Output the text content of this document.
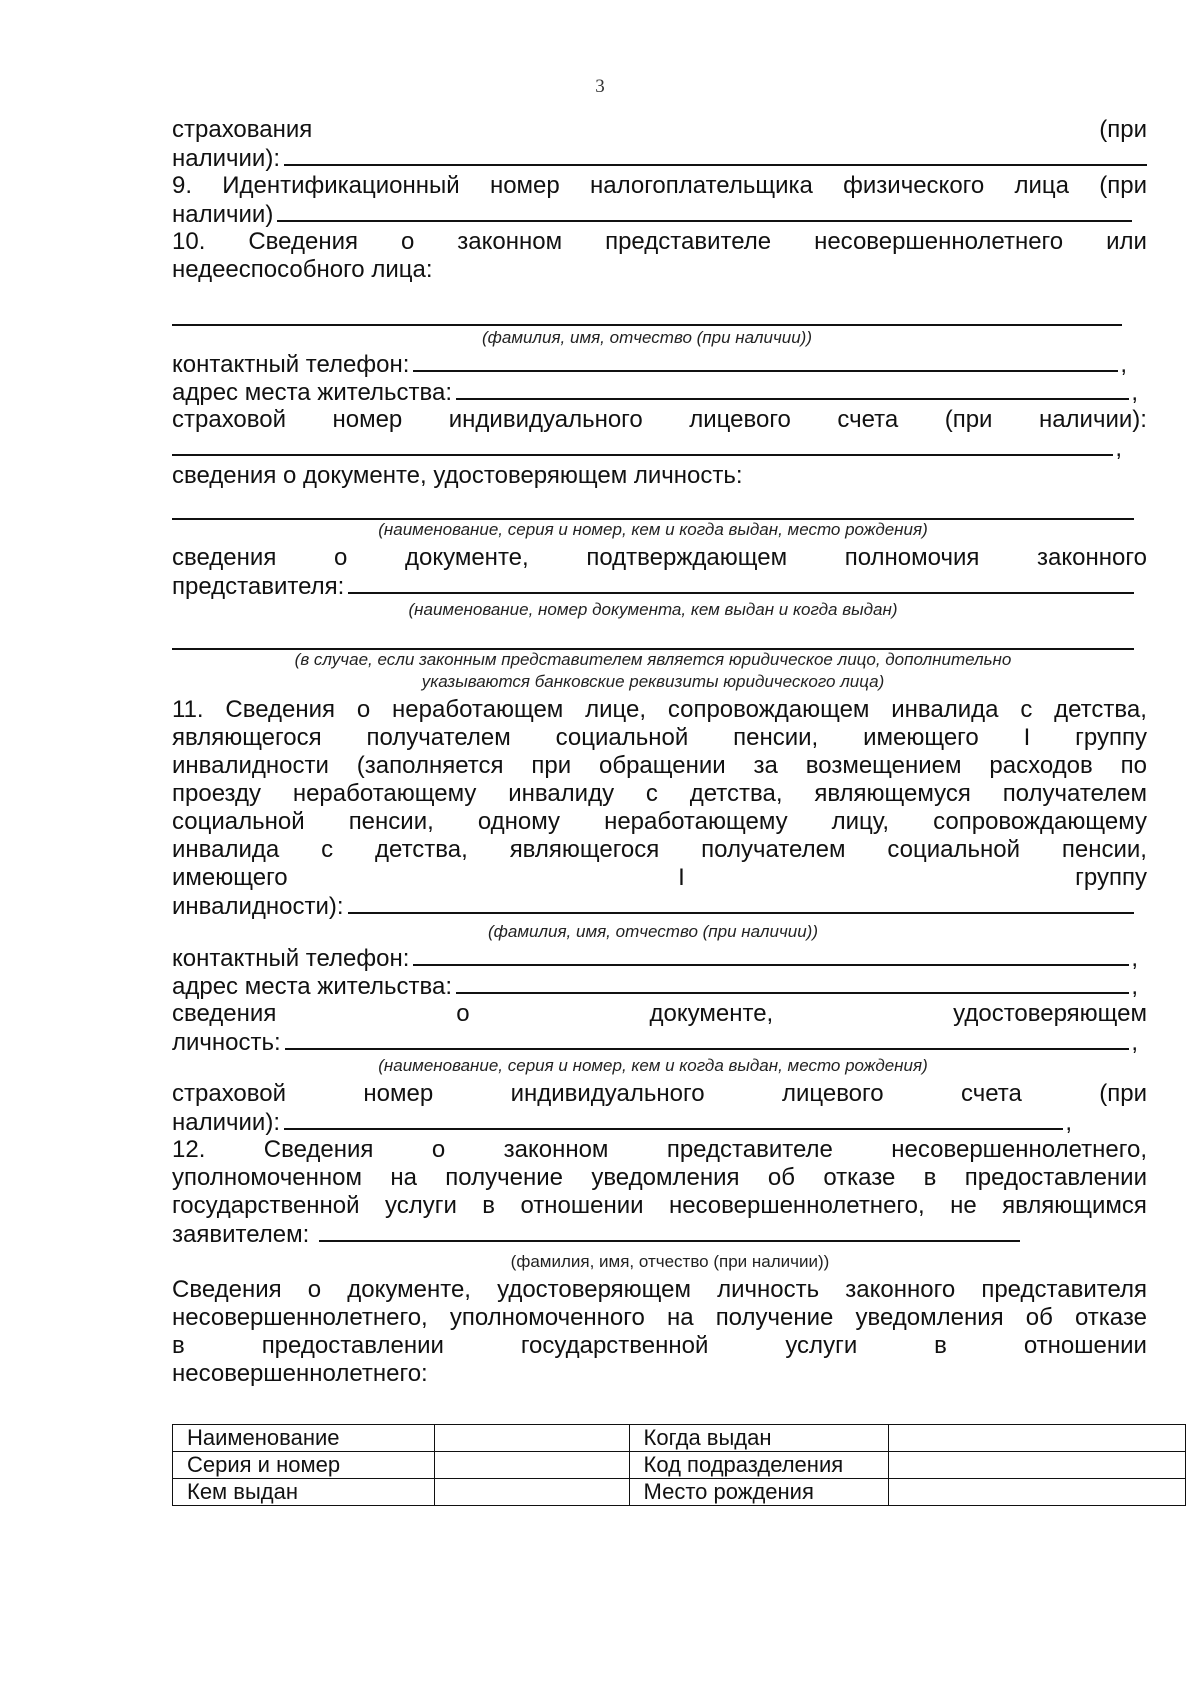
3
страхования	(при
наличии):
9. Идентификационный номер налогоплательщика физического лица (при
наличии)
10. Сведения о законном представителе несовершеннолетнего или
недееспособного лица:
(фамилия, имя, отчество (при наличии))
контактный телефон:	,
адрес места жительства:	,
страховой номер индивидуального лицевого счета (при наличии):
,
сведения о документе, удостоверяющем личность:
(наименование, серия и номер, кем и когда выдан, место рождения)
сведения о документе, подтверждающем полномочия законного
представителя:
(наименование, номер документа, кем выдан и когда выдан)
(в случае, если законным представителем является юридическое лицо, дополнительно
указываются банковские реквизиты юридического лица)
11. Сведения о неработающем лице, сопровождающем инвалида с детства,
являющегося получателем социальной пенсии, имеющего I группу
инвалидности (заполняется при обращении за возмещением расходов по
проезду неработающему инвалиду с детства, являющемуся получателем
социальной пенсии, одному неработающему лицу, сопровождающему
инвалида с детства, являющегося получателем социальной пенсии,
имеющего	I	группу
инвалидности):
(фамилия, имя, отчество (при наличии))
контактный телефон:	,
адрес места жительства:	,
сведения	о	документе,	удостоверяющем
личность:	,
(наименование, серия и номер, кем и когда выдан, место рождения)
страховой	номер	индивидуального	лицевого	счета	(при
наличии):	,
12. Сведения о законном представителе несовершеннолетнего,
уполномоченном на получение уведомления об отказе в предоставлении
государственной услуги в отношении несовершеннолетнего, не являющимся
заявителем:
(фамилия, имя, отчество (при наличии))
Сведения о документе, удостоверяющем личность законного представителя
несовершеннолетнего, уполномоченного на получение уведомления об отказе
в	предоставлении	государственной	услуги	в	отношении
несовершеннолетнего:
Наименование		Когда выдан	
Серия и номер		Код подразделения	
Кем выдан		Место рождения	
